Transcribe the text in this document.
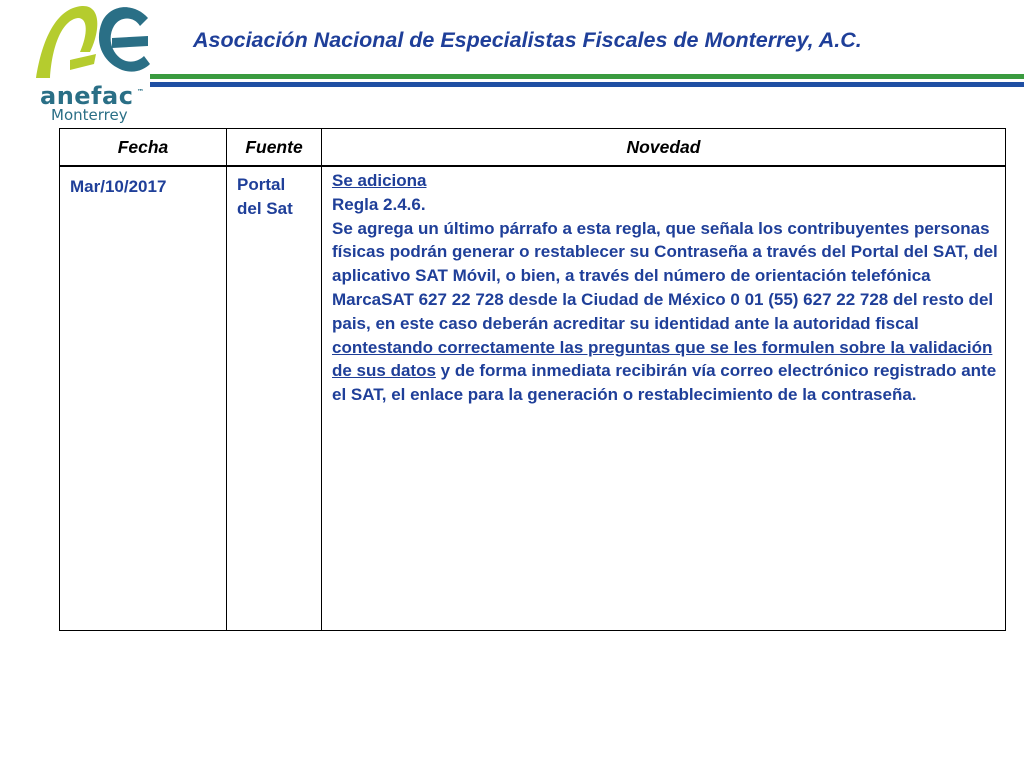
anefac ™
Monterrey
Asociación Nacional de Especialistas Fiscales de Monterrey, A.C.
Fecha	Fuente	Novedad
Mar/10/2017	Portal del Sat	Se adiciona
Regla 2.4.6.
Se agrega un último párrafo a esta regla, que señala los contribuyentes personas físicas podrán generar o restablecer su Contraseña a través del Portal del SAT, del aplicativo SAT Móvil, o bien, a través del número de orientación telefónica MarcaSAT 627 22 728 desde la Ciudad de México 0 01 (55) 627 22 728 del resto del pais, en este caso deberán acreditar su identidad ante la autoridad fiscal contestando correctamente las preguntas que se les formulen sobre la validación de sus datos y de forma inmediata recibirán vía correo electrónico registrado ante el SAT, el enlace para la generación o restablecimiento de la contraseña.
